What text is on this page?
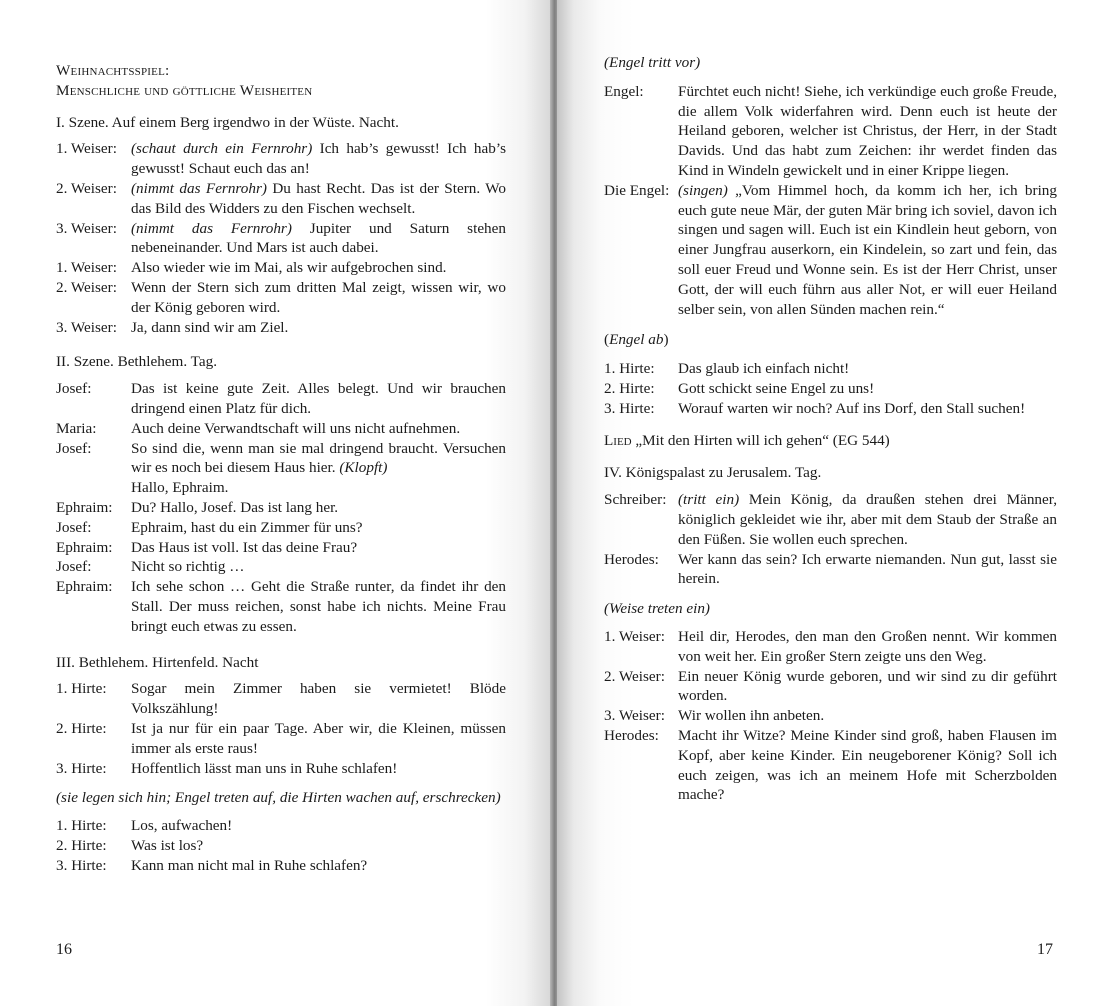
Weihnachtsspiel:
Menschliche und göttliche Weisheiten
I. Szene. Auf einem Berg irgendwo in der Wüste. Nacht.
1. Weiser: (schaut durch ein Fernrohr) Ich hab’s gewusst! Ich hab’s gewusst! Schaut euch das an!
2. Weiser: (nimmt das Fernrohr) Du hast Recht. Das ist der Stern. Wo das Bild des Widders zu den Fischen wechselt.
3. Weiser: (nimmt das Fernrohr) Jupiter und Saturn stehen nebeneinander. Und Mars ist auch dabei.
1. Weiser: Also wieder wie im Mai, als wir aufgebrochen sind.
2. Weiser: Wenn der Stern sich zum dritten Mal zeigt, wissen wir, wo der König geboren wird.
3. Weiser: Ja, dann sind wir am Ziel.
II. Szene. Bethlehem. Tag.
Josef:	Das ist keine gute Zeit. Alles belegt. Und wir brauchen dringend einen Platz für dich.
Maria:	Auch deine Verwandtschaft will uns nicht aufnehmen.
Josef:	So sind die, wenn man sie mal dringend braucht. Versuchen wir es noch bei diesem Haus hier. (Klopft)
Hallo, Ephraim.
Ephraim:	Du? Hallo, Josef. Das ist lang her.
Josef:	Ephraim, hast du ein Zimmer für uns?
Ephraim:	Das Haus ist voll. Ist das deine Frau?
Josef:	Nicht so richtig …
Ephraim:	Ich sehe schon … Geht die Straße runter, da findet ihr den Stall. Der muss reichen, sonst habe ich nichts. Meine Frau bringt euch etwas zu essen.
III. Bethlehem. Hirtenfeld. Nacht
1. Hirte:	Sogar mein Zimmer haben sie vermietet! Blöde Volkszählung!
2. Hirte:	Ist ja nur für ein paar Tage. Aber wir, die Kleinen, müssen immer als erste raus!
3. Hirte:	Hoffentlich lässt man uns in Ruhe schlafen!
(sie legen sich hin; Engel treten auf, die Hirten wachen auf, erschrecken)
1. Hirte:	Los, aufwachen!
2. Hirte:	Was ist los?
3. Hirte:	Kann man nicht mal in Ruhe schlafen?
16
(Engel tritt vor)
Engel:	Fürchtet euch nicht! Siehe, ich verkündige euch große Freude, die allem Volk widerfahren wird. Denn euch ist heute der Heiland geboren, welcher ist Christus, der Herr, in der Stadt Davids. Und das habt zum Zeichen: ihr werdet finden das Kind in Windeln gewickelt und in einer Krippe liegen.
Die Engel: (singen) „Vom Himmel hoch, da komm ich her, ich bring euch gute neue Mär, der guten Mär bring ich soviel, davon ich singen und sagen will. Euch ist ein Kindlein heut geborn, von einer Jungfrau auserkorn, ein Kindelein, so zart und fein, das soll euer Freud und Wonne sein. Es ist der Herr Christ, unser Gott, der will euch führn aus aller Not, er will euer Heiland selber sein, von allen Sünden machen rein.“
(Engel ab)
1. Hirte:	Das glaub ich einfach nicht!
2. Hirte:	Gott schickt seine Engel zu uns!
3. Hirte:	Worauf warten wir noch? Auf ins Dorf, den Stall suchen!
Lied „Mit den Hirten will ich gehen“ (EG 544)
IV. Königspalast zu Jerusalem. Tag.
Schreiber: (tritt ein) Mein König, da draußen stehen drei Männer, königlich gekleidet wie ihr, aber mit dem Staub der Straße an den Füßen. Sie wollen euch sprechen.
Herodes:	Wer kann das sein? Ich erwarte niemanden. Nun gut, lasst sie herein.
(Weise treten ein)
1. Weiser: Heil dir, Herodes, den man den Großen nennt. Wir kommen von weit her. Ein großer Stern zeigte uns den Weg.
2. Weiser: Ein neuer König wurde geboren, und wir sind zu dir geführt worden.
3. Weiser: Wir wollen ihn anbeten.
Herodes:	Macht ihr Witze? Meine Kinder sind groß, haben Flausen im Kopf, aber keine Kinder. Ein neugeborener König? Soll ich euch zeigen, was ich an meinem Hofe mit Scherzbolden mache?
17
